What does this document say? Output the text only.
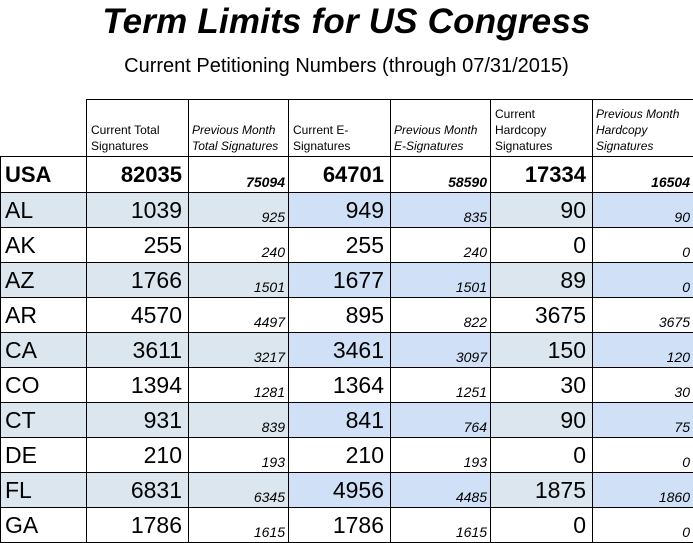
Term Limits for US Congress
Current Petitioning Numbers (through 07/31/2015)
	Current Total Signatures	Previous Month Total Signatures	Current E-Signatures	Previous Month E-Signatures	Current Hardcopy Signatures	Previous Month Hardcopy Signatures
USA	82035	75094	64701	58590	17334	16504
AL	1039	925	949	835	90	90
AK	255	240	255	240	0	0
AZ	1766	1501	1677	1501	89	0
AR	4570	4497	895	822	3675	3675
CA	3611	3217	3461	3097	150	120
CO	1394	1281	1364	1251	30	30
CT	931	839	841	764	90	75
DE	210	193	210	193	0	0
FL	6831	6345	4956	4485	1875	1860
GA	1786	1615	1786	1615	0	0
